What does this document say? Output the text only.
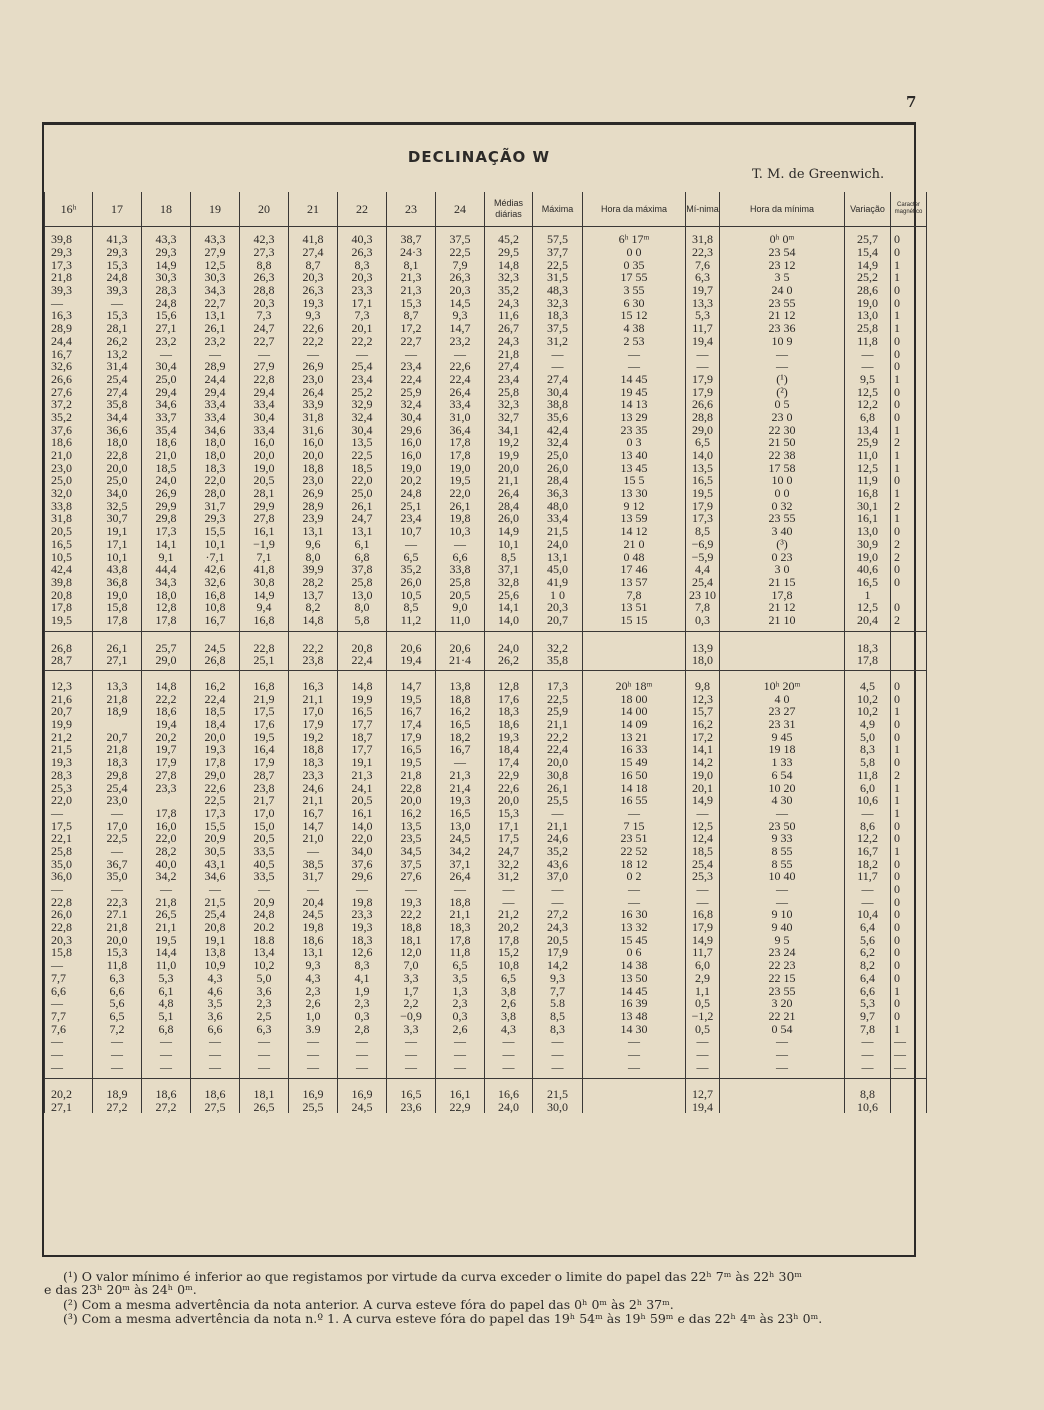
7
DECLINAÇÃO W
T. M. de Greenwich.
16ʰ	17	18	19	20	21	22	23	24	Médias diárias	Máxima	Hora da máxima	Mí-nima	Hora da mínima	Variação	Caracter magnético

39,8	41,3	43,3	43,3	42,3	41,8	40,3	38,7	37,5	45,2	57,5	6ʰ 17ᵐ	31,8	0ʰ 0ᵐ	25,7	0
29,3	29,3	29,3	27,9	27,3	27,4	26,3	24·3	22,5	29,5	37,7	0 0	22,3	23 54	15,4	0
17,3	15,3	14,9	12,5	8,8	8,7	8,3	8,1	7,9	14,8	22,5	0 35	7,6	23 12	14,9	1
21,8	24,8	30,3	30,3	26,3	20,3	20,3	21,3	26,3	32,3	31,5	17 55	6,3	3 5	25,2	1
39,3	39,3	28,3	34,3	28,8	26,3	23,3	21,3	20,3	35,2	48,3	3 55	19,7	24 0	28,6	0
—	—	24,8	22,7	20,3	19,3	17,1	15,3	14,5	24,3	32,3	6 30	13,3	23 55	19,0	0
16,3	15,3	15,6	13,1	7,3	9,3	7,3	8,7	9,3	11,6	18,3	15 12	5,3	21 12	13,0	1
28,9	28,1	27,1	26,1	24,7	22,6	20,1	17,2	14,7	26,7	37,5	4 38	11,7	23 36	25,8	1
24,4	26,2	23,2	23,2	22,7	22,2	22,2	22,7	23,2	24,3	31,2	2 53	19,4	10 9	11,8	0
16,7	13,2	—	—	—	—	—	—	—	21,8	—	—	—	—	—	0
32,6	31,4	30,4	28,9	27,9	26,9	25,4	23,4	22,6	27,4	—	—	—	—	—	0
26,6	25,4	25,0	24,4	22,8	23,0	23,4	22,4	22,4	23,4	27,4	14 45	17,9	(¹)	9,5	1
27,6	27,4	29,4	29,4	29,4	26,4	25,2	25,9	26,4	25,8	30,4	19 45	17,9	(²)	12,5	0
37,2	35,8	34,6	33,4	33,4	33,9	32,9	32,4	33,4	32,3	38,8	14 13	26,6	0 5	12,2	0
35,2	34,4	33,7	33,4	30,4	31,8	32,4	30,4	31,0	32,7	35,6	13 29	28,8	23 0	6,8	0
37,6	36,6	35,4	34,6	33,4	31,6	30,4	29,6	36,4	34,1	42,4	23 35	29,0	22 30	13,4	1
18,6	18,0	18,6	18,0	16,0	16,0	13,5	16,0	17,8	19,2	32,4	0 3	6,5	21 50	25,9	2
21,0	22,8	21,0	18,0	20,0	20,0	22,5	16,0	17,8	19,9	25,0	13 40	14,0	22 38	11,0	1
23,0	20,0	18,5	18,3	19,0	18,8	18,5	19,0	19,0	20,0	26,0	13 45	13,5	17 58	12,5	1
25,0	25,0	24,0	22,0	20,5	23,0	22,0	20,2	19,5	21,1	28,4	15 5	16,5	10 0	11,9	0
32,0	34,0	26,9	28,0	28,1	26,9	25,0	24,8	22,0	26,4	36,3	13 30	19,5	0 0	16,8	1
33,8	32,5	29,9	31,7	29,9	28,9	26,1	25,1	26,1	28,4	48,0	9 12	17,9	0 32	30,1	2
31,8	30,7	29,8	29,3	27,8	23,9	24,7	23,4	19,8	26,0	33,4	13 59	17,3	23 55	16,1	1
20,5	19,1	17,3	15,5	16,1	13,1	13,1	10,7	10,3	14,9	21,5	14 12	8,5	3 40	13,0	0
16,5	17,1	14,1	10,1	−1,9	9,6	6,1	—	—	10,1	24,0	21 0	−6,9	(³)	30,9	2
10,5	10,1	9,1	·7,1	7,1	8,0	6,8	6,5	6,6	8,5	13,1	0 48	−5,9	0 23	19,0	2
42,4	43,8	44,4	42,6	41,8	39,9	37,8	35,2	33,8	37,1	45,0	17 46	4,4	3 0	40,6	0
39,8	36,8	34,3	32,6	30,8	28,2	25,8	26,0	25,8	32,8	41,9	13 57	25,4	21 15	16,5	0
20,8	19,0	18,0	16,8	14,9	13,7	13,0	10,5	20,5	25,6	1 0	7,8	23 10	17,8	1	
17,8	15,8	12,8	10,8	9,4	8,2	8,0	8,5	9,0	14,1	20,3	13 51	7,8	21 12	12,5	0
19,5	17,8	17,8	16,7	16,8	14,8	5,8	11,2	11,0	14,0	20,7	15 15	0,3	21 10	20,4	2

26,8	26,1	25,7	24,5	22,8	22,2	20,8	20,6	20,6	24,0	32,2		13,9		18,3	
28,7	27,1	29,0	26,8	25,1	23,8	22,4	19,4	21·4	26,2	35,8		18,0		17,8	

12,3	13,3	14,8	16,2	16,8	16,3	14,8	14,7	13,8	12,8	17,3	20ʰ 18ᵐ	9,8	10ʰ 20ᵐ	4,5	0
21,6	21,8	22,2	22,4	21,9	21,1	19,9	19,5	18,8	17,6	22,5	18 00	12,3	4 0	10,2	0
20,7	18,9	18,6	18,5	17,5	17,0	16,5	16,7	16,2	18,3	25,9	14 00	15,7	23 27	10,2	1
19,9		19,4	18,4	17,6	17,9	17,7	17,4	16,5	18,6	21,1	14 09	16,2	23 31	4,9	0
21,2	20,7	20,2	20,0	19,5	19,2	18,7	17,9	18,2	19,3	22,2	13 21	17,2	9 45	5,0	0
21,5	21,8	19,7	19,3	16,4	18,8	17,7	16,5	16,7	18,4	22,4	16 33	14,1	19 18	8,3	1
19,3	18,3	17,9	17,8	17,9	18,3	19,1	19,5	—	17,4	20,0	15 49	14,2	1 33	5,8	0
28,3	29,8	27,8	29,0	28,7	23,3	21,3	21,8	21,3	22,9	30,8	16 50	19,0	6 54	11,8	2
25,3	25,4	23,3	22,6	23,8	24,6	24,1	22,8	21,4	22,6	26,1	14 18	20,1	10 20	6,0	1
22,0	23,0		22,5	21,7	21,1	20,5	20,0	19,3	20,0	25,5	16 55	14,9	4 30	10,6	1
—	—	17,8	17,3	17,0	16,7	16,1	16,2	16,5	15,3	—	—	—	—	—	1
17,5	17,0	16,0	15,5	15,0	14,7	14,0	13,5	13,0	17,1	21,1	7 15	12,5	23 50	8,6	0
22,1	22,5	22,0	20,9	20,5	21,0	22,0	23,5	24,5	17,5	24,6	23 51	12,4	9 33	12,2	0
25,8	—	28,2	30,5	33,5	—	34,0	34,5	34,2	24,7	35,2	22 52	18,5	8 55	16,7	1
35,0	36,7	40,0	43,1	40,5	38,5	37,6	37,5	37,1	32,2	43,6	18 12	25,4	8 55	18,2	0
36,0	35,0	34,2	34,6	33,5	31,7	29,6	27,6	26,4	31,2	37,0	0 2	25,3	10 40	11,7	0
—	—	—	—	—	—	—	—	—	—	—	—	—	—	—	0
22,8	22,3	21,8	21,5	20,9	20,4	19,8	19,3	18,8	—	—	—	—	—	—	0
26,0	27.1	26,5	25,4	24,8	24,5	23,3	22,2	21,1	21,2	27,2	16 30	16,8	9 10	10,4	0
22,8	21,8	21,1	20,8	20.2	19,8	19,3	18,8	18,3	20,2	24,3	13 32	17,9	9 40	6,4	0
20,3	20,0	19,5	19,1	18.8	18,6	18,3	18,1	17,8	17,8	20,5	15 45	14,9	9 5	5,6	0
15,8	15,3	14,4	13,8	13,4	13,1	12,6	12,0	11,8	15,2	17,9	0 6	11,7	23 24	6,2	0
—	11,8	11,0	10,9	10,2	9,3	8,3	7,0	6,5	10,8	14,2	14 38	6,0	22 23	8,2	0
7,7	6,3	5,3	4,3	5,0	4,3	4,1	3,3	3,5	6,5	9,3	13 50	2,9	22 15	6,4	0
6,6	6,6	6,1	4,6	3,6	2,3	1,9	1,7	1,3	3,8	7,7	14 45	1,1	23 55	6,6	1
—	5,6	4,8	3,5	2,3	2,6	2,3	2,2	2,3	2,6	5.8	16 39	0,5	3 20	5,3	0
7,7	6,5	5,1	3,6	2,5	1,0	0,3	−0,9	0,3	3,8	8,5	13 48	−1,2	22 21	9,7	0
7,6	7,2	6,8	6,6	6,3	3.9	2,8	3,3	2,6	4,3	8,3	14 30	0,5	0 54	7,8	1
—	—	—	—	—	—	—	—	—	—	—	—	—	—	—	—
—	—	—	—	—	—	—	—	—	—	—	—	—	—	—	—
—	—	—	—	—	—	—	—	—	—	—	—	—	—	—	—

20,2	18,9	18,6	18,6	18,1	16,9	16,9	16,5	16,1	16,6	21,5		12,7		8,8	
27,1	27,2	27,2	27,5	26,5	25,5	24,5	23,6	22,9	24,0	30,0		19,4		10,6	
(¹) O valor mínimo é inferior ao que registamos por virtude da curva exceder o limite do papel das 22ʰ 7ᵐ às 22ʰ 30ᵐ
e das 23ʰ 20ᵐ às 24ʰ 0ᵐ.
(²) Com a mesma advertência da nota anterior. A curva esteve fóra do papel das 0ʰ 0ᵐ às 2ʰ 37ᵐ.
(³) Com a mesma advertência da nota n.º 1. A curva esteve fóra do papel das 19ʰ 54ᵐ às 19ʰ 59ᵐ e das 22ʰ 4ᵐ às 23ʰ 0ᵐ.
